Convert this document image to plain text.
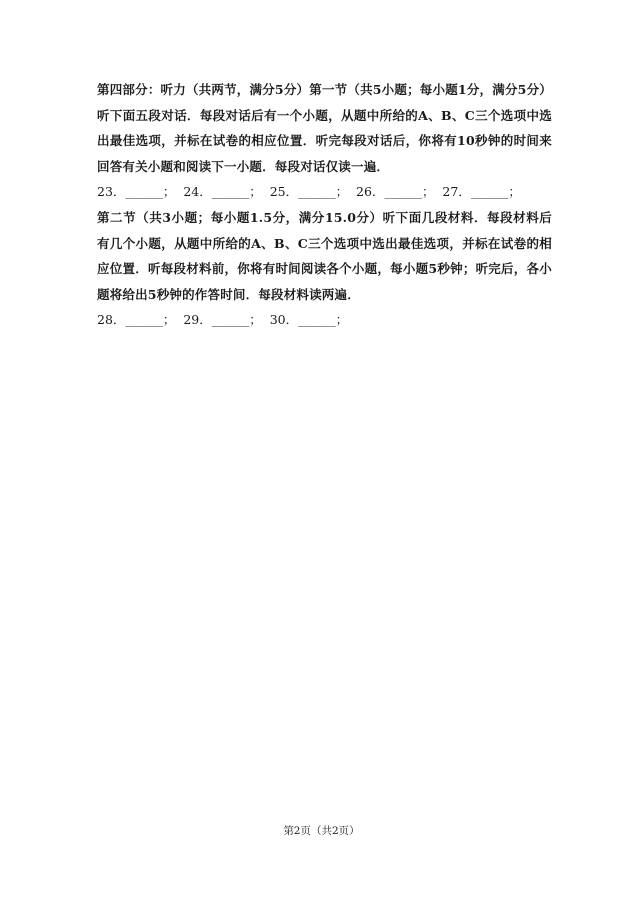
第四部分：听力（共两节，满分5分）第一节（共5小题；每小题1分，满分5分）听下面五段对话．每段对话后有一个小题，从题中所给的A、B、C三个选项中选出最佳选项，并标在试卷的相应位置．听完每段对话后，你将有10秒钟的时间来回答有关小题和阅读下一小题．每段对话仅读一遍．

23．______；  24．______；  25．______；  26．______；  27．______；

第二节（共3小题；每小题1.5分，满分15.0分）听下面几段材料．每段材料后有几个小题，从题中所给的A、B、C三个选项中选出最佳选项，并标在试卷的相应位置．听每段材料前，你将有时间阅读各个小题，每小题5秒钟；听完后，各小题将给出5秒钟的作答时间．每段材料读两遍．

28．______；  29．______；  30．______；

第2页（共2页）
